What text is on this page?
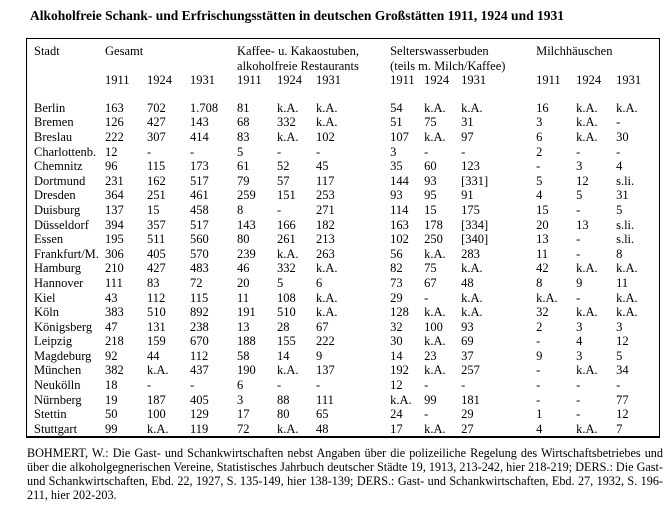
Alkoholfreie Schank- und Erfrischungsstätten in deutschen Großstätten 1911, 1924 und 1931
Stadt	Gesamt			Kaffee- u. Kakaostuben,			Selterswasserbuden			Milchhäuschen		
				alkoholfreie Restaurants			(teils m. Milch/Kaffee)					
	1911	1924	1931	1911	1924	1931	1911	1924	1931	1911	1924	1931

Berlin	163	702	1.708	81	k.A.	k.A.	54	k.A.	k.A.	16	k.A.	k.A.
Bremen	126	427	143	68	332	k.A.	51	75	31	3	k.A.	-
Breslau	222	307	414	83	k.A.	102	107	k.A.	97	6	k.A.	30
Charlottenb.	12	-	-	5	-	-	3	-	-	2	-	-
Chemnitz	96	115	173	61	52	45	35	60	123	-	3	4
Dortmund	231	162	517	79	57	117	144	93	[331]	5	12	s.li.
Dresden	364	251	461	259	151	253	93	95	91	4	5	31
Duisburg	137	15	458	8	-	271	114	15	175	15	-	5
Düsseldorf	394	357	517	143	166	182	163	178	[334]	20	13	s.li.
Essen	195	511	560	80	261	213	102	250	[340]	13	-	s.li.
Frankfurt/M.	306	405	570	239	k.A.	263	56	k.A.	283	11	-	8
Hamburg	210	427	483	46	332	k.A.	82	75	k.A.	42	k.A.	k.A.
Hannover	111	83	72	20	5	6	73	67	48	8	9	11
Kiel	43	112	115	11	108	k.A.	29	-	k.A.	k.A.	-	k.A.
Köln	383	510	892	191	510	k.A.	128	k.A.	k.A.	32	k.A.	k.A.
Königsberg	47	131	238	13	28	67	32	100	93	2	3	3
Leipzig	218	159	670	188	155	222	30	k.A.	69	-	4	12
Magdeburg	92	44	112	58	14	9	14	23	37	9	3	5
München	382	k.A.	437	190	k.A.	137	192	k.A.	257	-	k.A.	34
Neukölln	18	-	-	6	-	-	12	-	-	-	-	-
Nürnberg	19	187	405	3	88	111	k.A.	99	181	-	-	77
Stettin	50	100	129	17	80	65	24	-	29	1	-	12
Stuttgart	99	k.A.	119	72	k.A.	48	17	k.A.	27	4	k.A.	7

BOHMERT, W.: Die Gast- und Schankwirtschaften nebst Angaben über die polizeiliche Regelung des Wirtschaftsbetriebes und über die alkoholgegnerischen Vereine, Statistisches Jahrbuch deutscher Städte 19, 1913, 213-242, hier 218-219; DERS.: Die Gast- und Schankwirtschaften, Ebd. 22, 1927, S. 135-149, hier 138-139; DERS.: Gast- und Schankwirtschaften, Ebd. 27, 1932, S. 196-211, hier 202-203.
